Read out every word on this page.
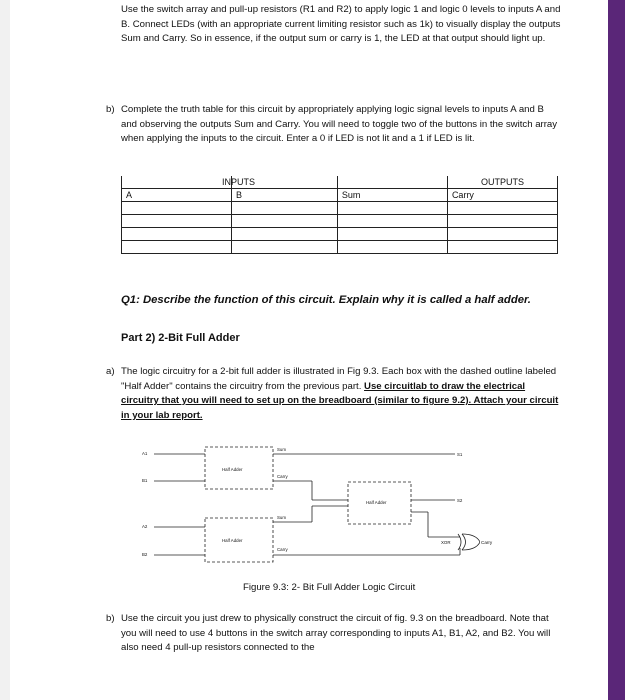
Use the switch array and pull-up resistors (R1 and R2) to apply logic 1 and logic 0 levels to inputs A and B. Connect LEDs (with an appropriate current limiting resistor such as 1k) to visually display the outputs Sum and Carry. So in essence, if the output sum or carry is 1, the LED at that output should light up.
b) Complete the truth table for this circuit by appropriately applying logic signal levels to inputs A and B and observing the outputs Sum and Carry. You will need to toggle two of the buttons in the switch array when applying the inputs to the circuit. Enter a 0 if LED is not lit and a 1 if LED is lit.
	INPUTS		OUTPUTS
A	B	Sum	Carry

Q1: Describe the function of this circuit. Explain why it is called a half adder.
Part 2) 2-Bit Full Adder
a) The logic circuitry for a 2-bit full adder is illustrated in Fig 9.3. Each box with the dashed outline labeled "Half Adder" contains the circuitry from the previous part. Use circuitlab to draw the electrical circuitry that you will need to set up on the breadboard (similar to figure 9.2). Attach your circuit in your lab report.
A1
B1
A2
B2
Half Adder
Half Adder
Half Adder
Sum
Carry
Sum
Carry
S1
S2
XOR	Carry
Figure 9.3: 2- Bit Full Adder Logic Circuit
b) Use the circuit you just drew to physically construct the circuit of fig. 9.3 on the breadboard. Note that you will need to use 4 buttons in the switch array corresponding to inputs A1, B1, A2, and B2. You will also need 4 pull-up resistors connected to the
